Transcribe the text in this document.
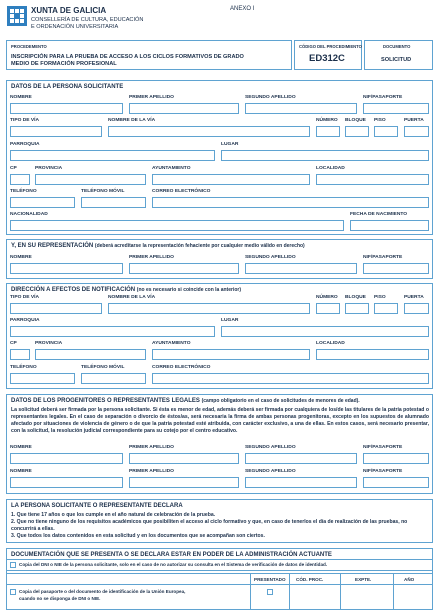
XUNTA DE GALICIA
CONSELLERÍA DE CULTURA, EDUCACIÓN
E ORDENACIÓN UNIVERSITARIA
ANEXO I
PROCEDEMENTO
INSCRIPCIÓN PARA LA PRUEBA DE ACCESO A LOS CICLOS FORMATIVOS DE GRADO
MEDIO DE FORMACIÓN PROFESIONAL
CÓDIGO DEL PROCEDIMIENTO
ED312C
DOCUMENTO
SOLICITUD
DATOS DE LA PERSONA SOLICITANTE
NOMBRE	PRIMER APELLIDO	SEGUNDO APELLIDO	NIF/PASAPORTE
TIPO DE VÍA	NOMBRE DE LA VÍA	NÚMERO BLOQUE PISO	PUERTA
PARROQUIA	LUGAR
CP	PROVINCIA	AYUNTAMIENTO	LOCALIDAD
TELÉFONO	TELÉFONO MÓVIL	CORREO ELECTRÓNICO
NACIONALIDAD	FECHA DE NACIMIENTO
Y, EN SU REPRESENTACIÓN (deberá acreditarse la representación fehaciente por cualquier medio válido en derecho)
NOMBRE	PRIMER APELLIDO	SEGUNDO APELLIDO	NIF/PASAPORTE
DIRECCIÓN A EFECTOS DE NOTIFICACIÓN (no es necesario si coincide con la anterior)
TIPO DE VÍA	NOMBRE DE LA VÍA	NÚMERO BLOQUE PISO	PUERTA
PARROQUIA	LUGAR
CP	PROVINCIA	AYUNTAMIENTO	LOCALIDAD
TELÉFONO	TELÉFONO MÓVIL	CORREO ELECTRÓNICO
DATOS DE LOS PROGENITORES O REPRESENTANTES LEGALES (campo obligatorio en el caso de solicitudes de menores de edad).
La solicitud deberá ser firmada por la persona solicitante. Si ésta es menor de edad, además deberá ser firmada por cualquiera de los/de las titulares de la patria potestad o representantes legales. En el caso de separación o divorcio de éstos/as, será necesaria la firma de ambas personas progenitoras, excepto en los supuestos de alumnado afectado por situaciones de violencia de género o de que la patria potestad esté atribuida, con carácter exclusivo, a una de ellas. En estos casos, será necesario presentar, con la solicitud, la resolución judicial correspondiente para su cotejo por el centro educativo.
NOMBRE	PRIMER APELLIDO	SEGUNDO APELLIDO	NIF/PASAPORTE
NOMBRE	PRIMER APELLIDO	SEGUNDO APELLIDO	NIF/PASAPORTE
LA PERSONA SOLICITANTE O REPRESENTANTE DECLARA
1. Que tiene 17 años o que los cumple en el año natural de celebración de la prueba.
2. Que no tiene ninguno de los requisitos académicos que posibiliten el acceso al ciclo formativo y que, en caso de tenerlos el día de realización de las pruebas, no concurrirá a ellas.
3. Que todos los datos contenidos en esta solicitud y en los documentos que se acompañan son ciertos.
DOCUMENTACIÓN QUE SE PRESENTA O SE DECLARA ESTAR EN PODER DE LA ADMINISTRACIÓN ACTUANTE
Copia del DNI o NIE de la persona solicitante, solo en el caso de no autorizar su consulta en el Sistema de verificación de datos de identidad.
PRESENTADO CÓD. PROC.	EXPTE.	AÑO
Copia del pasaporte o del documento de identificación de la Unión Europea,
cuando no se disponga de DNI o NIE.
